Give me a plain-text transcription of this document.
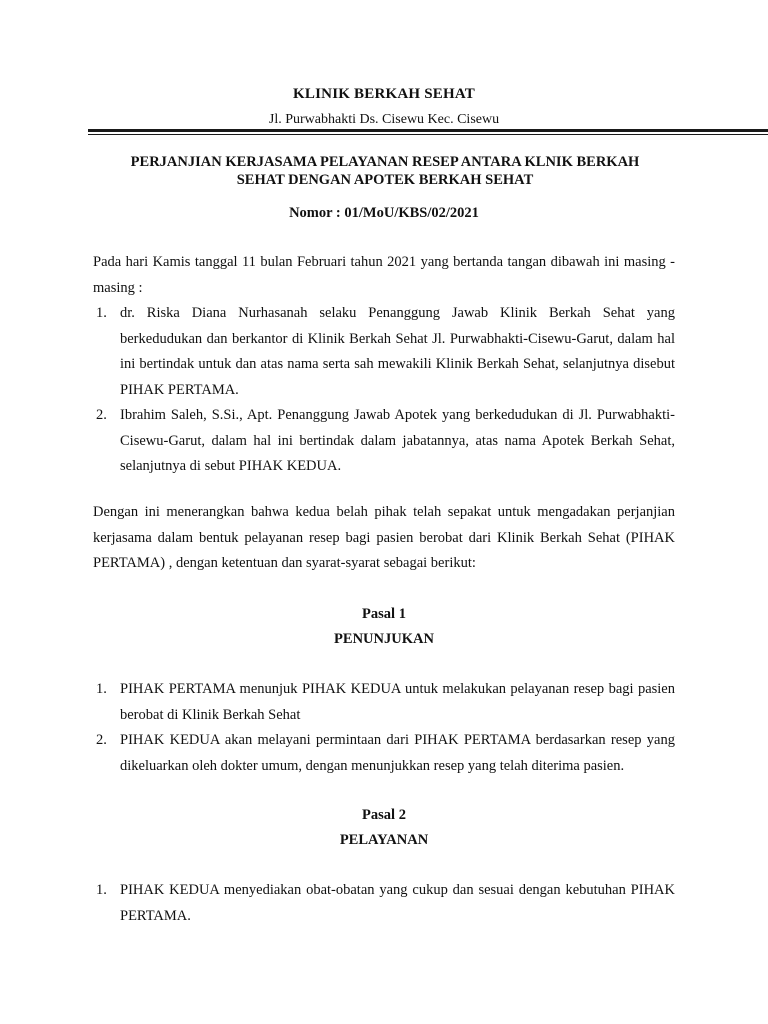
KLINIK BERKAH SEHAT
Jl. Purwabhakti Ds. Cisewu Kec. Cisewu
PERJANJIAN KERJASAMA PELAYANAN RESEP ANTARA KLNIK BERKAH
SEHAT DENGAN APOTEK BERKAH SEHAT
Nomor : 01/MoU/KBS/02/2021
Pada hari Kamis tanggal 11 bulan Februari tahun 2021 yang bertanda tangan dibawah ini masing - masing :
1. dr. Riska Diana Nurhasanah selaku Penanggung Jawab Klinik Berkah Sehat yang berkedudukan dan berkantor di Klinik Berkah Sehat Jl. Purwabhakti-Cisewu-Garut, dalam hal ini bertindak untuk dan atas nama serta sah mewakili Klinik Berkah Sehat, selanjutnya disebut PIHAK PERTAMA.
2. Ibrahim Saleh, S.Si., Apt. Penanggung Jawab Apotek yang berkedudukan di Jl. Purwabhakti-Cisewu-Garut, dalam hal ini bertindak dalam jabatannya, atas nama Apotek Berkah Sehat, selanjutnya di sebut PIHAK KEDUA.
Dengan ini menerangkan bahwa kedua belah pihak telah sepakat untuk mengadakan perjanjian kerjasama dalam bentuk pelayanan resep bagi pasien berobat dari Klinik Berkah Sehat (PIHAK PERTAMA) , dengan ketentuan dan syarat-syarat sebagai berikut:
Pasal 1
PENUNJUKAN
1. PIHAK PERTAMA menunjuk PIHAK KEDUA untuk melakukan pelayanan resep bagi pasien berobat di Klinik Berkah Sehat
2. PIHAK KEDUA akan melayani permintaan dari PIHAK PERTAMA berdasarkan resep yang dikeluarkan oleh dokter umum, dengan menunjukkan resep yang telah diterima pasien.
Pasal 2
PELAYANAN
1. PIHAK KEDUA menyediakan obat-obatan yang cukup dan sesuai dengan kebutuhan PIHAK PERTAMA.
